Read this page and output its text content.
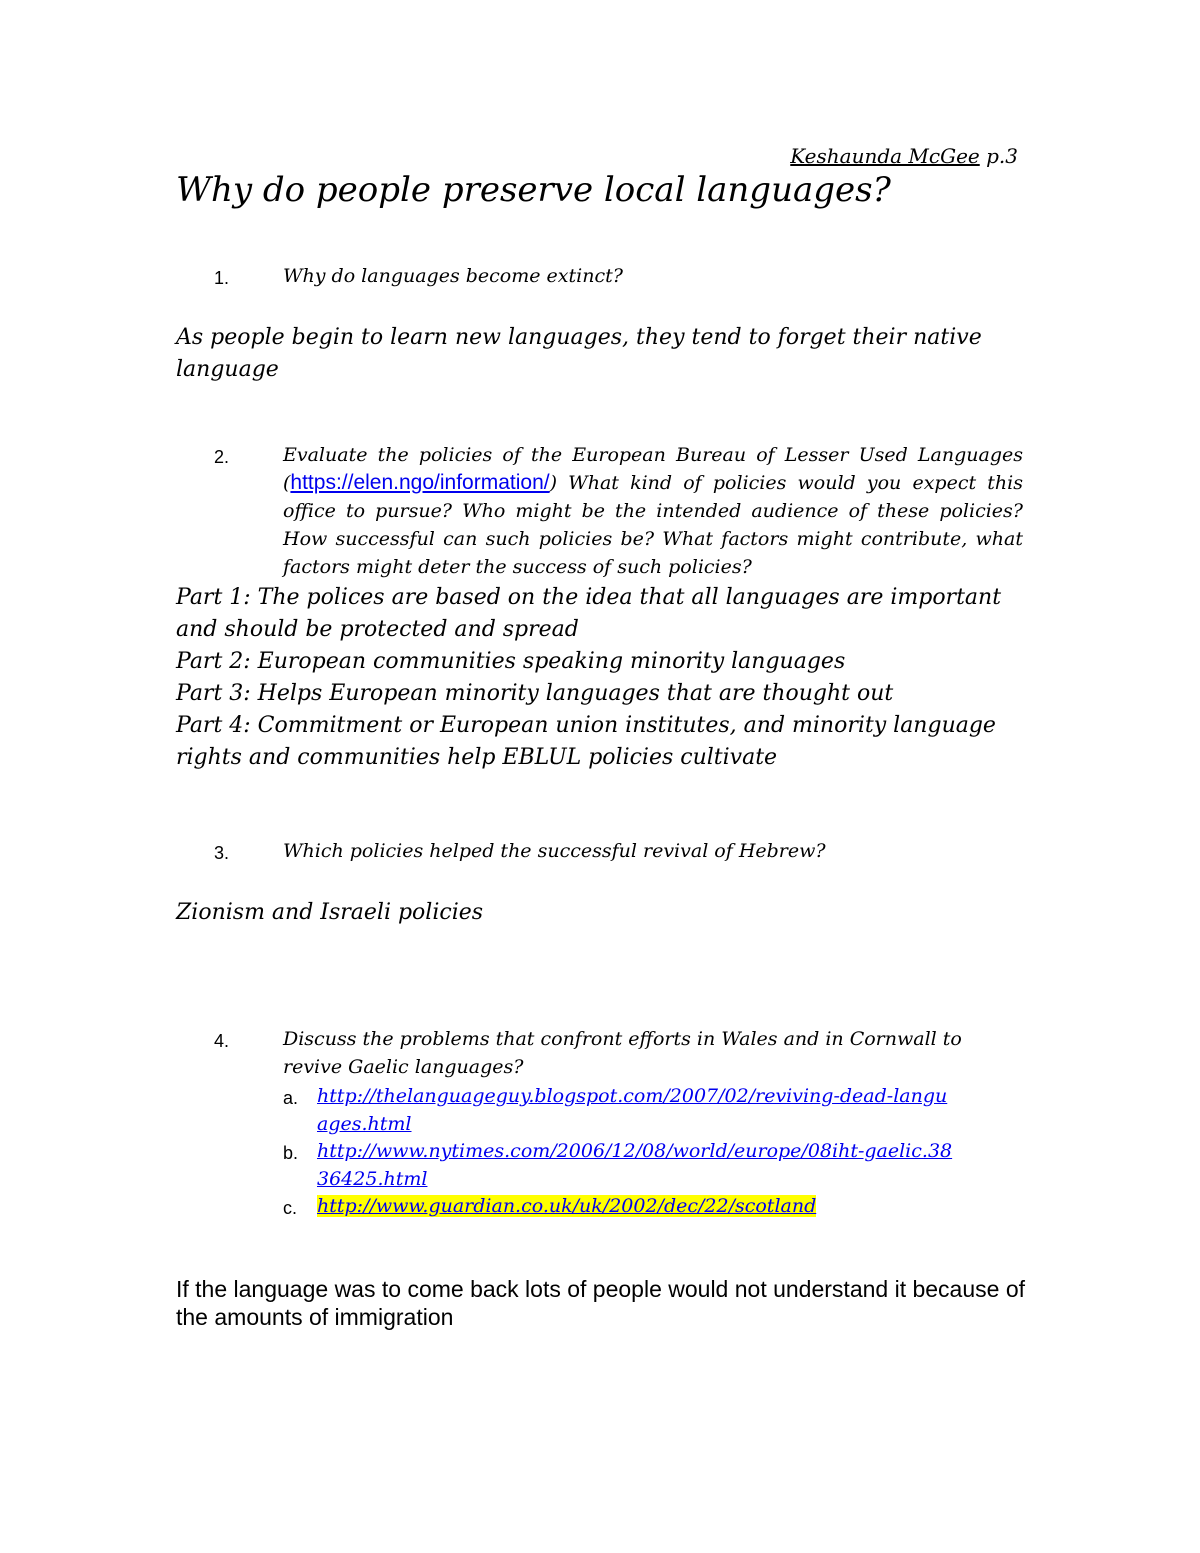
Keshaunda McGee p.3
Why do people preserve local languages?
1.	Why do languages become extinct?
As people begin to learn new languages, they tend to forget their native language
2.	Evaluate the policies of the European Bureau of Lesser Used Languages (https://elen.ngo/information/) What kind of policies would you expect this office to pursue? Who might be the intended audience of these policies? How successful can such policies be? What factors might contribute, what factors might deter the success of such policies?
Part 1: The polices are based on the idea that all languages are important and should be protected and spread
Part 2: European communities speaking minority languages
Part 3: Helps European minority languages that are thought out
Part 4: Commitment or European union institutes, and minority language rights and communities help EBLUL policies cultivate
3.	Which policies helped the successful revival of Hebrew?
Zionism and Israeli policies
4.	Discuss the problems that confront efforts in Wales and in Cornwall to revive Gaelic languages?
a. http://thelanguageguy.blogspot.com/2007/02/reviving-dead-languages.html
b. http://www.nytimes.com/2006/12/08/world/europe/08iht-gaelic.3836425.html
c. http://www.guardian.co.uk/uk/2002/dec/22/scotland
If the language was to come back lots of people would not understand it because of the amounts of immigration
